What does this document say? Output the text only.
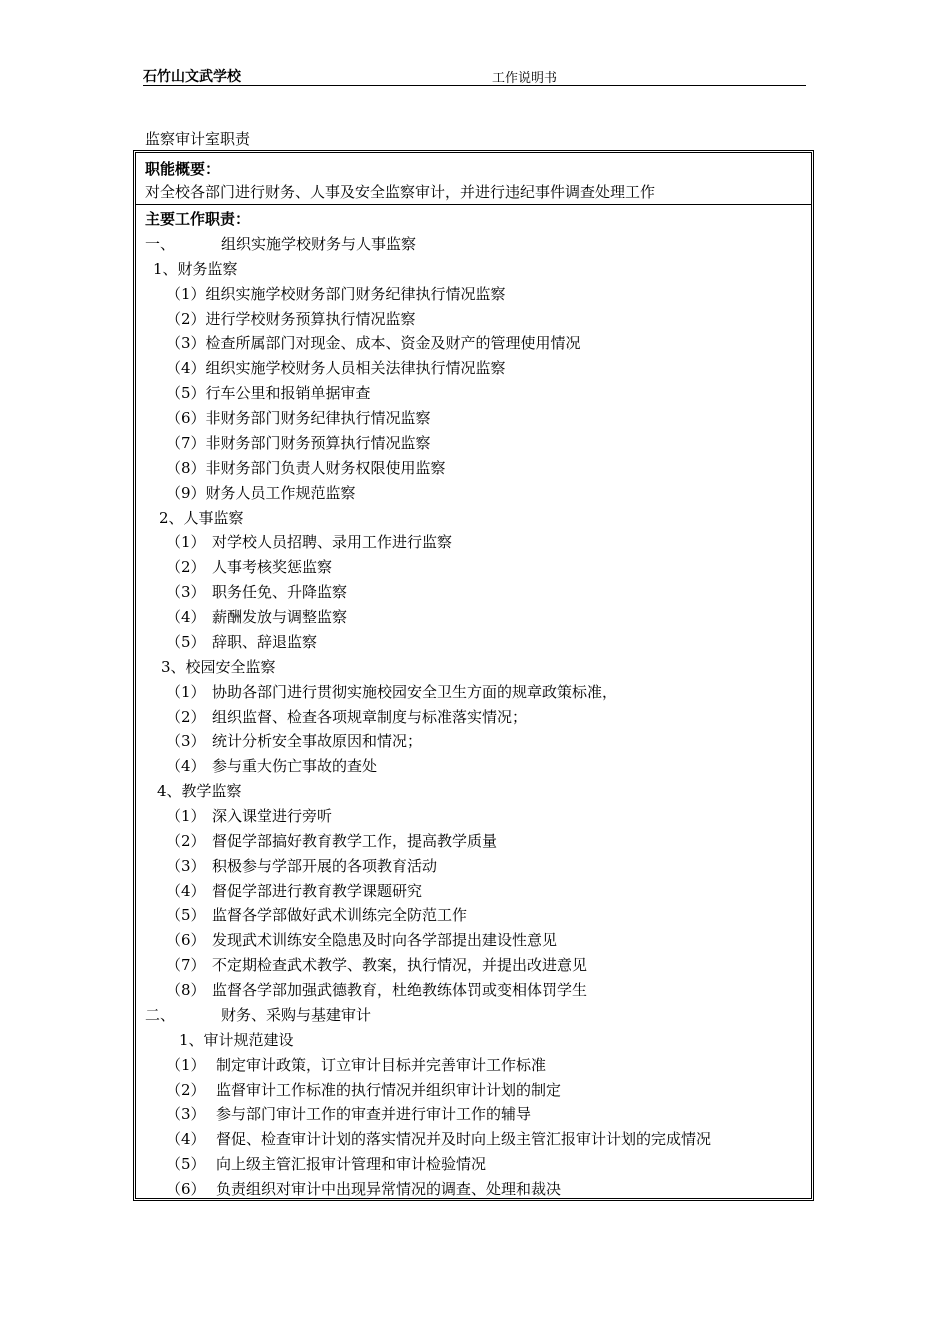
石竹山文武学校	工作说明书
监察审计室职责
职能概要：
对全校各部门进行财务、人事及安全监察审计，并进行违纪事件调查处理工作
主要工作职责：
一、	组织实施学校财务与人事监察
1、财务监察
（1）组织实施学校财务部门财务纪律执行情况监察
（2）进行学校财务预算执行情况监察
（3）检查所属部门对现金、成本、资金及财产的管理使用情况
（4）组织实施学校财务人员相关法律执行情况监察
（5）行车公里和报销单据审查
（6）非财务部门财务纪律执行情况监察
（7）非财务部门财务预算执行情况监察
（8）非财务部门负责人财务权限使用监察
（9）财务人员工作规范监察
2、人事监察
（1） 对学校人员招聘、录用工作进行监察
（2） 人事考核奖惩监察
（3） 职务任免、升降监察
（4） 薪酬发放与调整监察
（5） 辞职、辞退监察
3、校园安全监察
（1） 协助各部门进行贯彻实施校园安全卫生方面的规章政策标准，
（2） 组织监督、检查各项规章制度与标准落实情况；
（3） 统计分析安全事故原因和情况；
（4） 参与重大伤亡事故的查处
4、教学监察
（1） 深入课堂进行旁听
（2） 督促学部搞好教育教学工作，提高教学质量
（3） 积极参与学部开展的各项教育活动
（4） 督促学部进行教育教学课题研究
（5） 监督各学部做好武术训练完全防范工作
（6） 发现武术训练安全隐患及时向各学部提出建设性意见
（7） 不定期检查武术教学、教案，执行情况，并提出改进意见
（8） 监督各学部加强武德教育，杜绝教练体罚或变相体罚学生
二、	财务、采购与基建审计
1、审计规范建设
（1） 制定审计政策，订立审计目标并完善审计工作标准
（2） 监督审计工作标准的执行情况并组织审计计划的制定
（3） 参与部门审计工作的审查并进行审计工作的辅导
（4） 督促、检查审计计划的落实情况并及时向上级主管汇报审计计划的完成情况
（5） 向上级主管汇报审计管理和审计检验情况
（6） 负责组织对审计中出现异常情况的调查、处理和裁决
